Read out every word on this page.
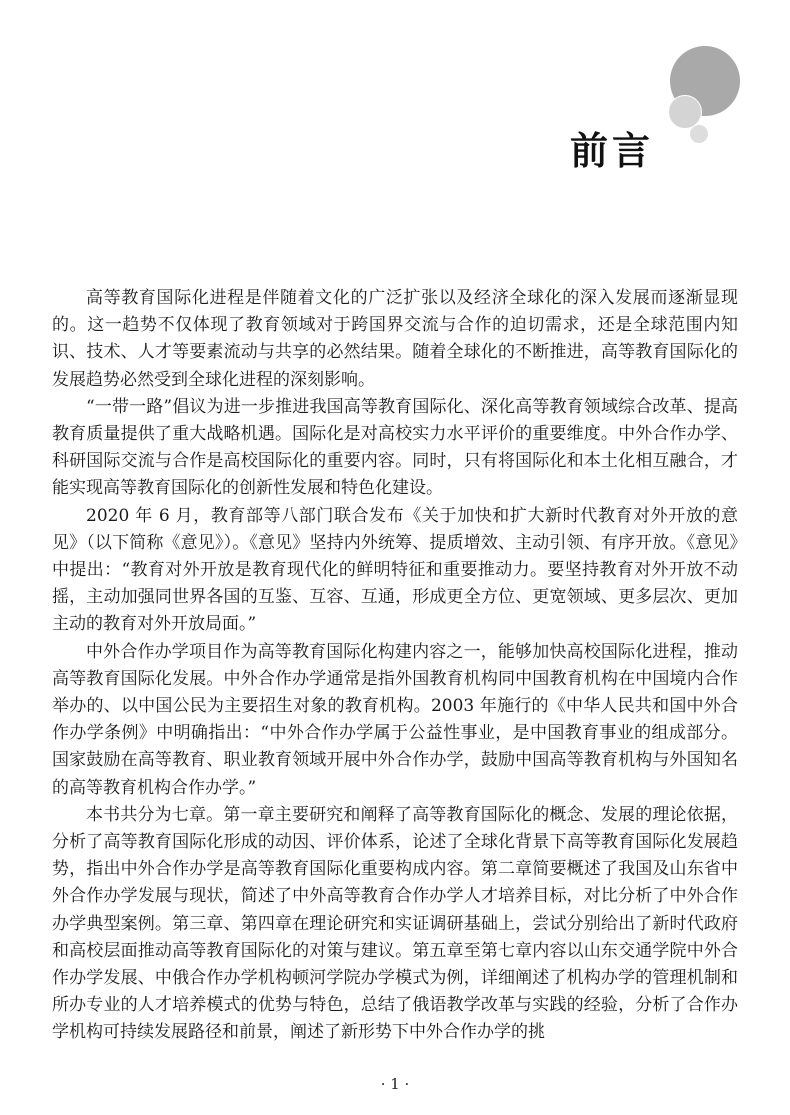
前言

高等教育国际化进程是伴随着文化的广泛扩张以及经济全球化的深入发展而逐渐显现的。这一趋势不仅体现了教育领域对于跨国界交流与合作的迫切需求，还是全球范围内知识、技术、人才等要素流动与共享的必然结果。随着全球化的不断推进，高等教育国际化的发展趋势必然受到全球化进程的深刻影响。

“一带一路”倡议为进一步推进我国高等教育国际化、深化高等教育领域综合改革、提高教育质量提供了重大战略机遇。国际化是对高校实力水平评价的重要维度。中外合作办学、科研国际交流与合作是高校国际化的重要内容。同时，只有将国际化和本土化相互融合，才能实现高等教育国际化的创新性发展和特色化建设。

2020 年 6 月，教育部等八部门联合发布《关于加快和扩大新时代教育对外开放的意见》（以下简称《意见》）。《意见》坚持内外统筹、提质增效、主动引领、有序开放。《意见》中提出：“教育对外开放是教育现代化的鲜明特征和重要推动力。要坚持教育对外开放不动摇，主动加强同世界各国的互鉴、互容、互通，形成更全方位、更宽领域、更多层次、更加主动的教育对外开放局面。”

中外合作办学项目作为高等教育国际化构建内容之一，能够加快高校国际化进程，推动高等教育国际化发展。中外合作办学通常是指外国教育机构同中国教育机构在中国境内合作举办的、以中国公民为主要招生对象的教育机构。2003 年施行的《中华人民共和国中外合作办学条例》中明确指出：“中外合作办学属于公益性事业，是中国教育事业的组成部分。国家鼓励在高等教育、职业教育领域开展中外合作办学，鼓励中国高等教育机构与外国知名的高等教育机构合作办学。”

本书共分为七章。第一章主要研究和阐释了高等教育国际化的概念、发展的理论依据，分析了高等教育国际化形成的动因、评价体系，论述了全球化背景下高等教育国际化发展趋势，指出中外合作办学是高等教育国际化重要构成内容。第二章简要概述了我国及山东省中外合作办学发展与现状，简述了中外高等教育合作办学人才培养目标，对比分析了中外合作办学典型案例。第三章、第四章在理论研究和实证调研基础上，尝试分别给出了新时代政府和高校层面推动高等教育国际化的对策与建议。第五章至第七章内容以山东交通学院中外合作办学发展、中俄合作办学机构顿河学院办学模式为例，详细阐述了机构办学的管理机制和所办专业的人才培养模式的优势与特色，总结了俄语教学改革与实践的经验，分析了合作办学机构可持续发展路径和前景，阐述了新形势下中外合作办学的挑

· 1 ·
